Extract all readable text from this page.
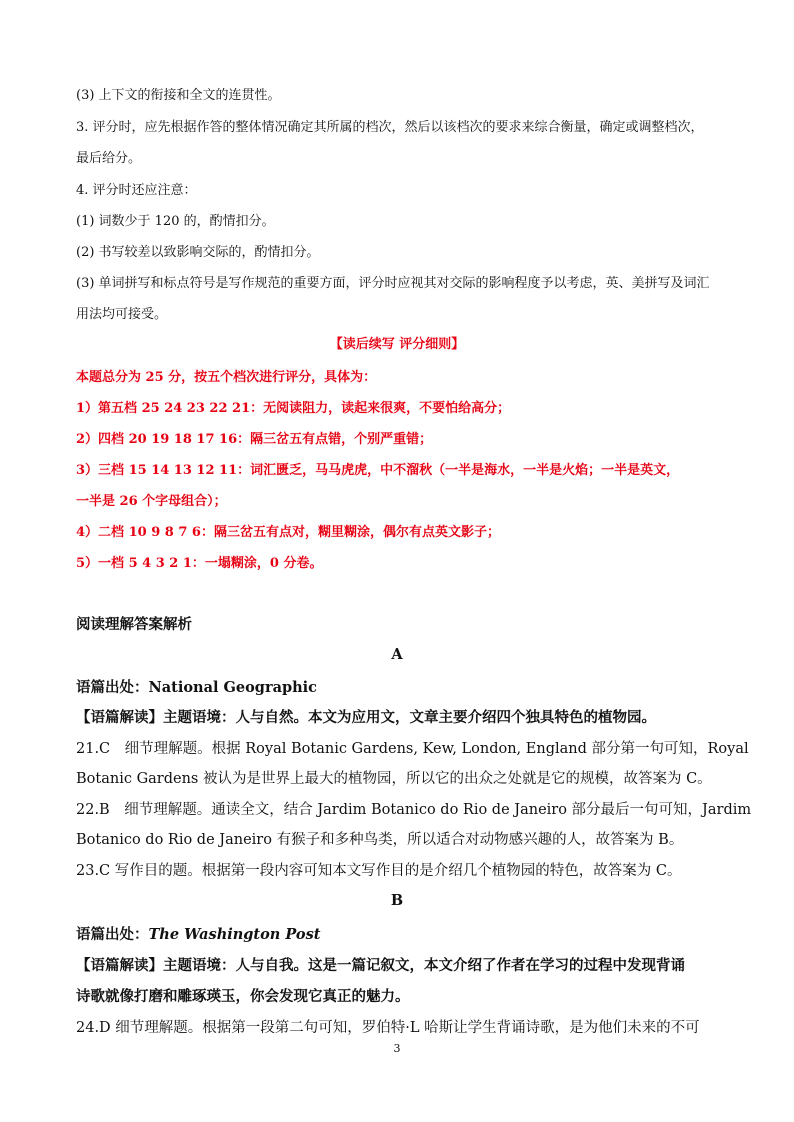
(3) 上下文的衔接和全文的连贯性。
3. 评分时，应先根据作答的整体情况确定其所属的档次，然后以该档次的要求来综合衡量，确定或调整档次，
最后给分。
4. 评分时还应注意：
(1) 词数少于 120 的，酌情扣分。
(2) 书写较差以致影响交际的，酌情扣分。
(3) 单词拼写和标点符号是写作规范的重要方面，评分时应视其对交际的影响程度予以考虑，英、美拼写及词汇
用法均可接受。
【读后续写 评分细则】
本题总分为 25 分，按五个档次进行评分，具体为：
1）第五档 25 24 23 22 21：无阅读阻力，读起来很爽，不要怕给高分；
2）四档 20 19 18 17 16：隔三岔五有点错，个别严重错；
3）三档 15 14 13 12 11：词汇匮乏，马马虎虎，中不溜秋（一半是海水，一半是火焰；一半是英文，
一半是 26 个字母组合）；
4）二档 10 9 8 7 6：隔三岔五有点对，糊里糊涂，偶尔有点英文影子；
5）一档 5 4 3 2 1：一塌糊涂，0 分卷。
阅读理解答案解析
A
语篇出处：National Geographic
【语篇解读】主题语境：人与自然。本文为应用文，文章主要介绍四个独具特色的植物园。
21.C　细节理解题。根据 Royal Botanic Gardens, Kew, London, England 部分第一句可知，Royal
Botanic Gardens 被认为是世界上最大的植物园，所以它的出众之处就是它的规模，故答案为 C。
22.B　细节理解题。通读全文，结合 Jardim Botanico do Rio de Janeiro 部分最后一句可知，Jardim
Botanico do Rio de Janeiro 有猴子和多种鸟类，所以适合对动物感兴趣的人，故答案为 B。
23.C 写作目的题。根据第一段内容可知本文写作目的是介绍几个植物园的特色，故答案为 C。
B
语篇出处：The Washington Post
【语篇解读】主题语境：人与自我。这是一篇记叙文，本文介绍了作者在学习的过程中发现背诵
诗歌就像打磨和雕琢瑛玉，你会发现它真正的魅力。
24.D 细节理解题。根据第一段第二句可知，罗伯特·L 哈斯让学生背诵诗歌，是为他们未来的不可
3
